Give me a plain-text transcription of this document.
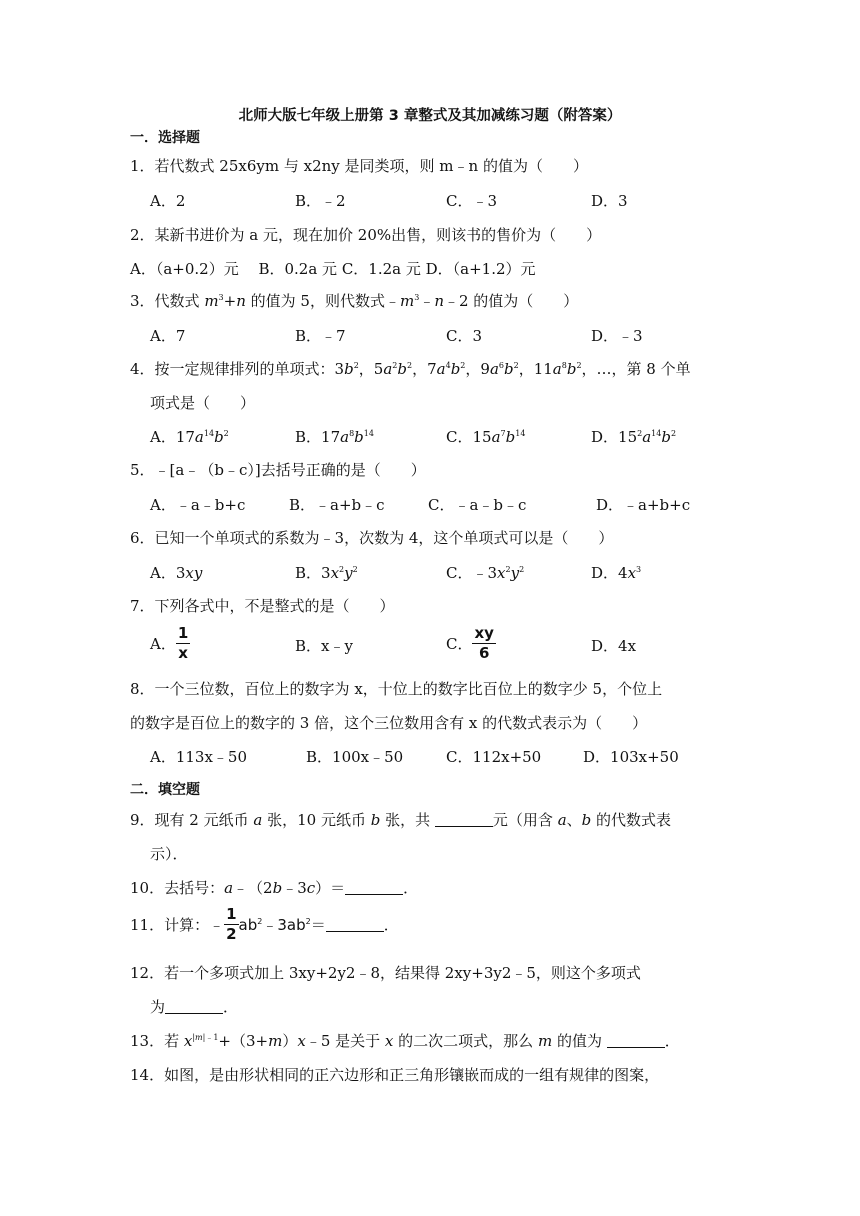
北师大版七年级上册第 3 章整式及其加减练习题（附答案）
一．选择题
1．若代数式 25x6ym 与 x2ny 是同类项，则 m﹣n 的值为（　　）
A．2	B．﹣2	C．﹣3	D．3
2．某新书进价为 a 元，现在加价 20%出售，则该书的售价为（　　）
A．（a+0.2）元　 B．0.2a 元 C．1.2a 元 D．（a+1.2）元
3．代数式 $m^3+n$ 的值为 5，则代数式$﹣m^3﹣n﹣2$ 的值为（　　）
A．7	B．﹣7	C．3	D．﹣3
4．按一定规律排列的单项式：$3b^2$，$5a^2b^2$，$7a^4b^2$，$9a^6b^2$，$11a^8b^2$，…，第 8 个单
项式是（　　）
A．$17a^{14}b^2$	B．$17a^8b^{14}$	C．$15a^7b^{14}$	D．$15^2a^{14}b^2$
5．﹣[a﹣（b﹣c）]去括号正确的是（　　）
A．﹣a﹣b+c	B．﹣a+b﹣c	C．﹣a﹣b﹣c	D．﹣a+b+c
6．已知一个单项式的系数为﹣3，次数为 4，这个单项式可以是（　　）
A．3xy	B．$3x^2y^2$	C．$﹣3x^2y^2$	D．$4x^3$
7．下列各式中，不是整式的是（　　）
A． $\frac{1}{x}$	B．x﹣y	C． $\frac{xy}{6}$	D．4x
8．一个三位数，百位上的数字为 x，十位上的数字比百位上的数字少 5，个位上
的数字是百位上的数字的 3 倍，这个三位数用含有 x 的代数式表示为（　　）
A．113x﹣50	B．100x﹣50	C．112x+50	D．103x+50
二．填空题
9．现有 2 元纸币 a 张，10 元纸币 b 张，共	元（用含 a、b 的代数式表
示）．
10．去括号：a﹣（2b﹣3c）＝	．
11．计算：﹣ $\frac{1}{2}$ $ab^2﹣3ab^2=$	．
12．若一个多项式加上 3xy+2y2﹣8，结果得 2xy+3y2﹣5，则这个多项式
为	．
13．若 $x^{|m|﹣1}+(3+m)x﹣5$ 是关于 x 的二次二项式，那么 m 的值为	．
14．如图，是由形状相同的正六边形和正三角形镶嵌而成的一组有规律的图案，
